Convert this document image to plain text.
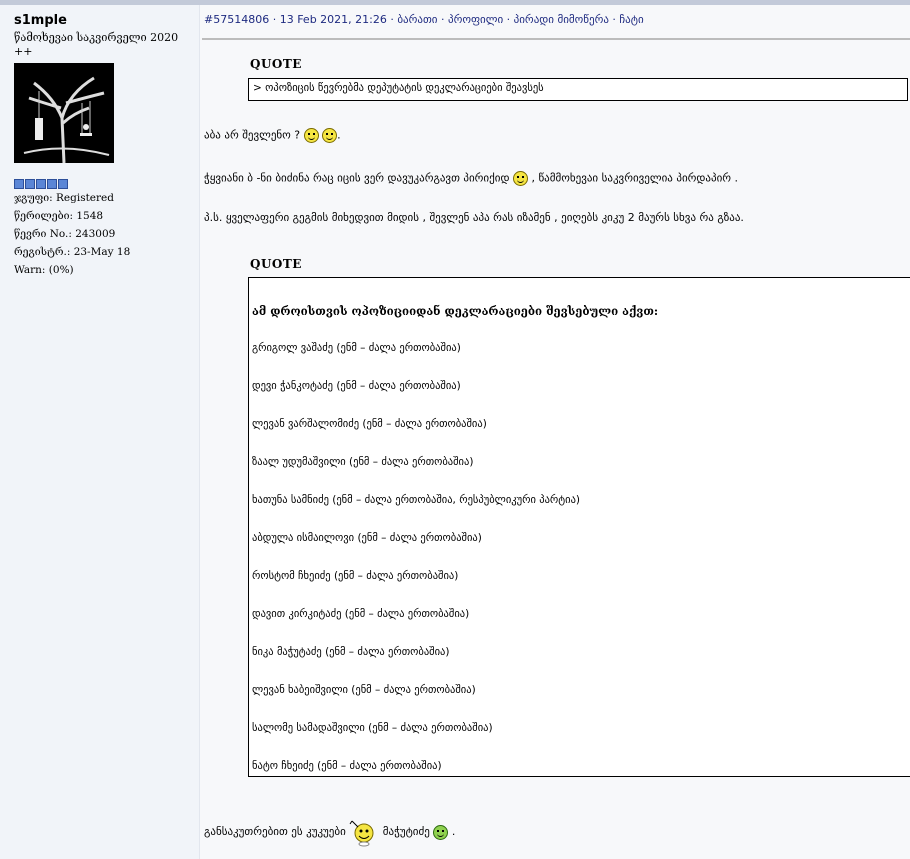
s1mple
წამოხევაი საკვირველი 2020 ++
ჯგუფი: Registered
წერილები: 1548
წევრი No.: 243009
რეგისტრ.: 23-May 18
Warn: (0%)
#57514806 · 13 Feb 2021, 21:26 · ბარათი · პროფილი · პირადი მიმოწერა · ჩატი
QUOTE
> ოპოზიცის წევრებმა დეპუტატის დეკლარაციები შეავსეს
აბა არ შევლენო ?	.
ჭყვიანი ბ -ნი ბიძინა რაც იცის ვერ დავუკარგავთ პირიქიდ , წამმოხევაი საკვრიველია პირდაპირ .
პ.ს. ყველაფერი გეგმის მიხედვით მიდის , შევლენ აპა რას იზამენ , ეიღებს კიკუ 2 მაურს სხვა რა გზაა.
QUOTE
ამ დროისთვის ოპოზიციიდან დეკლარაციები შევსებული აქვთ:
გრიგოლ ვაშაძე (ენმ – ძალა ერთობაშია)
დევი ჭანკოტაძე (ენმ – ძალა ერთობაშია)
ლევან ვარშალომიძე (ენმ – ძალა ერთობაშია)
ზაალ უდუმაშვილი (ენმ – ძალა ერთობაშია)
ხათუნა სამნიძე (ენმ – ძალა ერთობაშია, რესპუბლიკური პარტია)
აბდულა ისმაილოვი (ენმ – ძალა ერთობაშია)
როსტომ ჩხეიძე (ენმ – ძალა ერთობაშია)
დავით კირკიტაძე (ენმ – ძალა ერთობაშია)
ნიკა მაჭუტაძე (ენმ – ძალა ერთობაშია)
ლევან ხაბეიშვილი (ენმ – ძალა ერთობაშია)
სალომე სამადაშვილი (ენმ – ძალა ერთობაშია)
ნატო ჩხეიძე (ენმ – ძალა ერთობაშია)
განსაკუთრებით ეს კუკუები	მაჭუტიძე .
